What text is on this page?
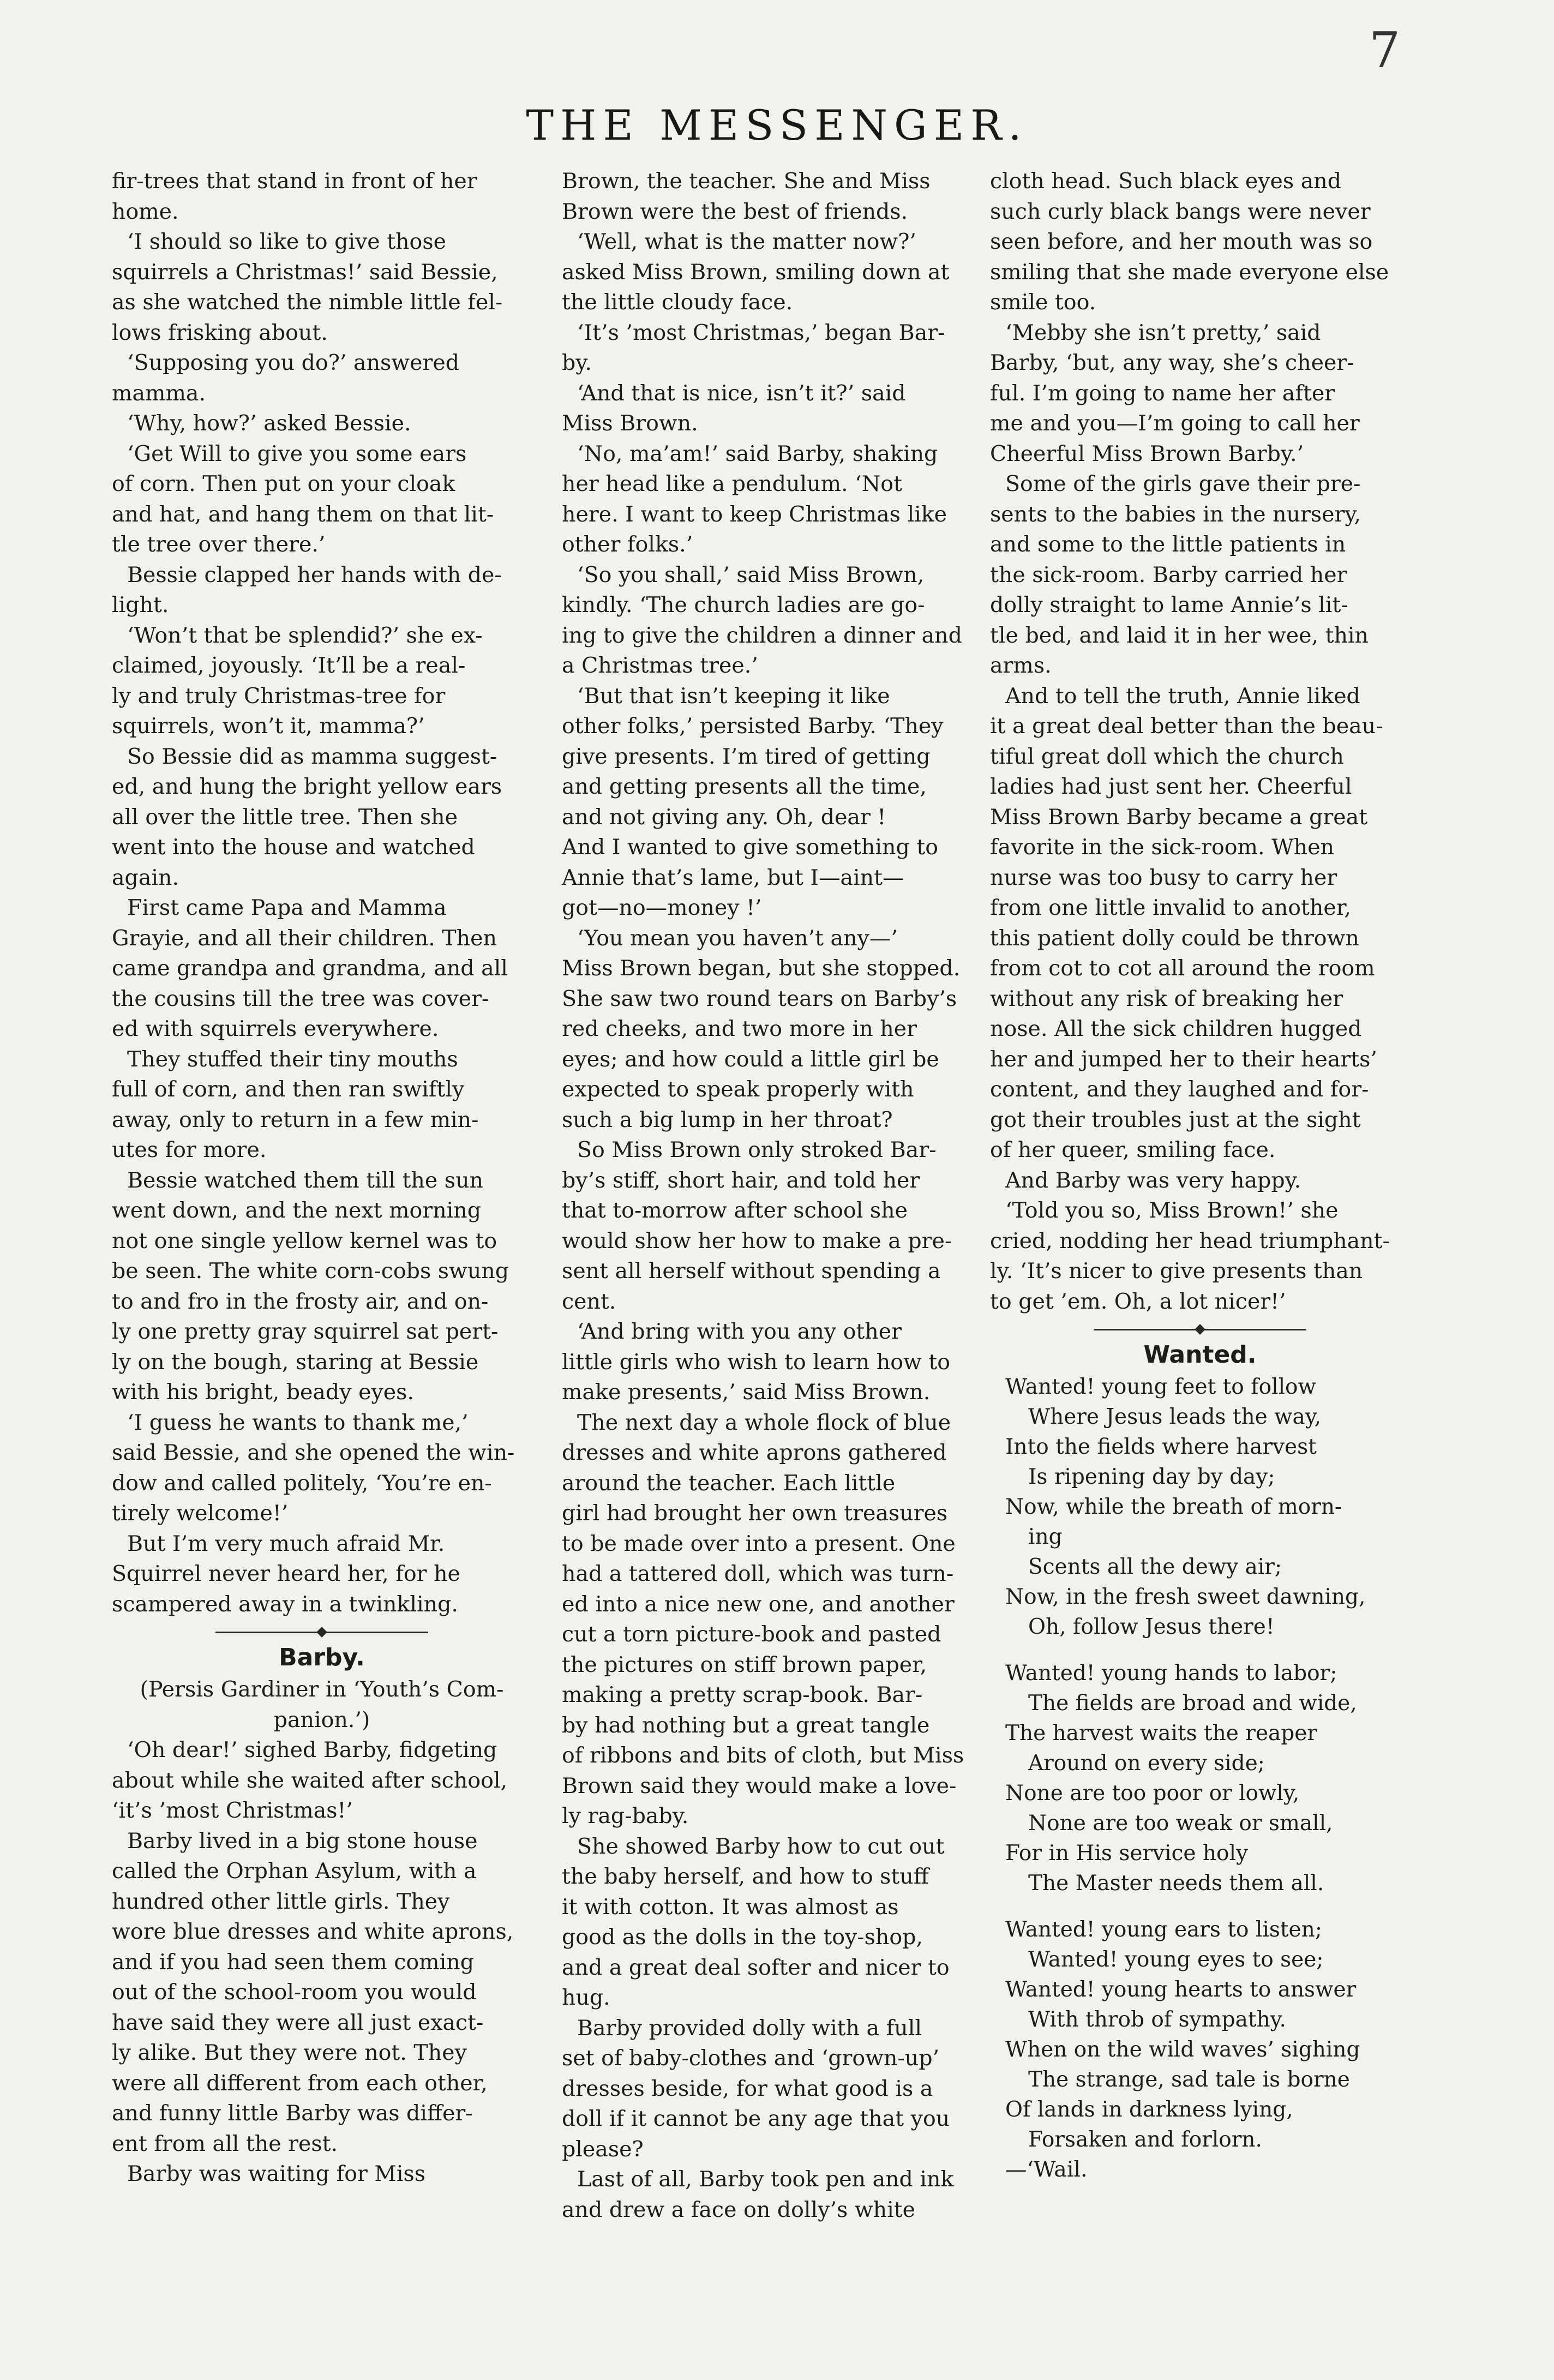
7
THE MESSENGER.
fir-trees that stand in front of her
home.
‘I should so like to give those
squirrels a Christmas!’ said Bessie,
as she watched the nimble little fel-
lows frisking about.
‘Supposing you do?’ answered
mamma.
‘Why, how?’ asked Bessie.
‘Get Will to give you some ears
of corn. Then put on your cloak
and hat, and hang them on that lit-
tle tree over there.’
Bessie clapped her hands with de-
light.
‘Won’t that be splendid?’ she ex-
claimed, joyously. ‘It’ll be a real-
ly and truly Christmas-tree for
squirrels, won’t it, mamma?’
So Bessie did as mamma suggest-
ed, and hung the bright yellow ears
all over the little tree. Then she
went into the house and watched
again.
First came Papa and Mamma
Grayie, and all their children. Then
came grandpa and grandma, and all
the cousins till the tree was cover-
ed with squirrels everywhere.
They stuffed their tiny mouths
full of corn, and then ran swiftly
away, only to return in a few min-
utes for more.
Bessie watched them till the sun
went down, and the next morning
not one single yellow kernel was to
be seen. The white corn-cobs swung
to and fro in the frosty air, and on-
ly one pretty gray squirrel sat pert-
ly on the bough, staring at Bessie
with his bright, beady eyes.
‘I guess he wants to thank me,’
said Bessie, and she opened the win-
dow and called politely, ‘You’re en-
tirely welcome!’
But I’m very much afraid Mr.
Squirrel never heard her, for he
scampered away in a twinkling.
Barby.
(Persis Gardiner in ‘Youth’s Com-
panion.’)
‘Oh dear!’ sighed Barby, fidgeting
about while she waited after school,
‘it’s ’most Christmas!’
Barby lived in a big stone house
called the Orphan Asylum, with a
hundred other little girls. They
wore blue dresses and white aprons,
and if you had seen them coming
out of the school-room you would
have said they were all just exact-
ly alike. But they were not. They
were all different from each other,
and funny little Barby was differ-
ent from all the rest.
Barby was waiting for Miss
Brown, the teacher. She and Miss
Brown were the best of friends.
‘Well, what is the matter now?’
asked Miss Brown, smiling down at
the little cloudy face.
‘It’s ’most Christmas,’ began Bar-
by.
‘And that is nice, isn’t it?’ said
Miss Brown.
‘No, ma’am!’ said Barby, shaking
her head like a pendulum. ‘Not
here. I want to keep Christmas like
other folks.’
‘So you shall,’ said Miss Brown,
kindly. ‘The church ladies are go-
ing to give the children a dinner and
a Christmas tree.’
‘But that isn’t keeping it like
other folks,’ persisted Barby. ‘They
give presents. I’m tired of getting
and getting presents all the time,
and not giving any. Oh, dear !
And I wanted to give something to
Annie that’s lame, but I—aint—
got—no—money !’
‘You mean you haven’t any—’
Miss Brown began, but she stopped.
She saw two round tears on Barby’s
red cheeks, and two more in her
eyes; and how could a little girl be
expected to speak properly with
such a big lump in her throat?
So Miss Brown only stroked Bar-
by’s stiff, short hair, and told her
that to-morrow after school she
would show her how to make a pre-
sent all herself without spending a
cent.
‘And bring with you any other
little girls who wish to learn how to
make presents,’ said Miss Brown.
The next day a whole flock of blue
dresses and white aprons gathered
around the teacher. Each little
girl had brought her own treasures
to be made over into a present. One
had a tattered doll, which was turn-
ed into a nice new one, and another
cut a torn picture-book and pasted
the pictures on stiff brown paper,
making a pretty scrap-book. Bar-
by had nothing but a great tangle
of ribbons and bits of cloth, but Miss
Brown said they would make a love-
ly rag-baby.
She showed Barby how to cut out
the baby herself, and how to stuff
it with cotton. It was almost as
good as the dolls in the toy-shop,
and a great deal softer and nicer to
hug.
Barby provided dolly with a full
set of baby-clothes and ‘grown-up’
dresses beside, for what good is a
doll if it cannot be any age that you
please?
Last of all, Barby took pen and ink
and drew a face on dolly’s white
cloth head. Such black eyes and
such curly black bangs were never
seen before, and her mouth was so
smiling that she made everyone else
smile too.
‘Mebby she isn’t pretty,’ said
Barby, ‘but, any way, she’s cheer-
ful. I’m going to name her after
me and you—I’m going to call her
Cheerful Miss Brown Barby.’
Some of the girls gave their pre-
sents to the babies in the nursery,
and some to the little patients in
the sick-room. Barby carried her
dolly straight to lame Annie’s lit-
tle bed, and laid it in her wee, thin
arms.
And to tell the truth, Annie liked
it a great deal better than the beau-
tiful great doll which the church
ladies had just sent her. Cheerful
Miss Brown Barby became a great
favorite in the sick-room. When
nurse was too busy to carry her
from one little invalid to another,
this patient dolly could be thrown
from cot to cot all around the room
without any risk of breaking her
nose. All the sick children hugged
her and jumped her to their hearts’
content, and they laughed and for-
got their troubles just at the sight
of her queer, smiling face.
And Barby was very happy.
‘Told you so, Miss Brown!’ she
cried, nodding her head triumphant-
ly. ‘It’s nicer to give presents than
to get ’em. Oh, a lot nicer!’
Wanted.
Wanted! young feet to follow
Where Jesus leads the way,
Into the fields where harvest
Is ripening day by day;
Now, while the breath of morn-
ing
Scents all the dewy air;
Now, in the fresh sweet dawning,
Oh, follow Jesus there!
Wanted! young hands to labor;
The fields are broad and wide,
The harvest waits the reaper
Around on every side;
None are too poor or lowly,
None are too weak or small,
For in His service holy
The Master needs them all.
Wanted! young ears to listen;
Wanted! young eyes to see;
Wanted! young hearts to answer
With throb of sympathy.
When on the wild waves’ sighing
The strange, sad tale is borne
Of lands in darkness lying,
Forsaken and forlorn.
—‘Wail.
